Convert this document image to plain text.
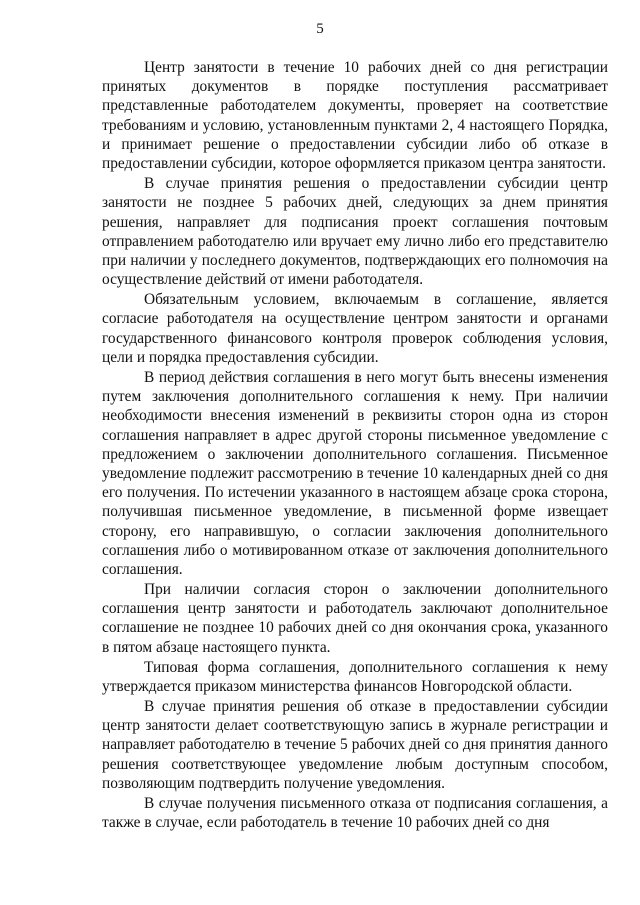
5

Центр занятости в течение 10 рабочих дней со дня регистрации принятых документов в порядке поступления рассматривает представленные работодателем документы, проверяет на соответствие требованиям и условию, установленным пунктами 2, 4 настоящего Порядка, и принимает решение о предоставлении субсидии либо об отказе в предоставлении субсидии, которое оформляется приказом центра занятости.

В случае принятия решения о предоставлении субсидии центр занятости не позднее 5 рабочих дней, следующих за днем принятия решения, направляет для подписания проект соглашения почтовым отправлением работодателю или вручает ему лично либо его представителю при наличии у последнего документов, подтверждающих его полномочия на осуществление действий от имени работодателя.

Обязательным условием, включаемым в соглашение, является согласие работодателя на осуществление центром занятости и органами государственного финансового контроля проверок соблюдения условия, цели и порядка предоставления субсидии.

В период действия соглашения в него могут быть внесены изменения путем заключения дополнительного соглашения к нему. При наличии необходимости внесения изменений в реквизиты сторон одна из сторон соглашения направляет в адрес другой стороны письменное уведомление с предложением о заключении дополнительного соглашения. Письменное уведомление подлежит рассмотрению в течение 10 календарных дней со дня его получения. По истечении указанного в настоящем абзаце срока сторона, получившая письменное уведомление, в письменной форме извещает сторону, его направившую, о согласии заключения дополнительного соглашения либо о мотивированном отказе от заключения дополнительного соглашения.

При наличии согласия сторон о заключении дополнительного соглашения центр занятости и работодатель заключают дополнительное соглашение не позднее 10 рабочих дней со дня окончания срока, указанного в пятом абзаце настоящего пункта.

Типовая форма соглашения, дополнительного соглашения к нему утверждается приказом министерства финансов Новгородской области.

В случае принятия решения об отказе в предоставлении субсидии центр занятости делает соответствующую запись в журнале регистрации и направляет работодателю в течение 5 рабочих дней со дня принятия данного решения соответствующее уведомление любым доступным способом, позволяющим подтвердить получение уведомления.

В случае получения письменного отказа от подписания соглашения, а также в случае, если работодатель в течение 10 рабочих дней со дня
